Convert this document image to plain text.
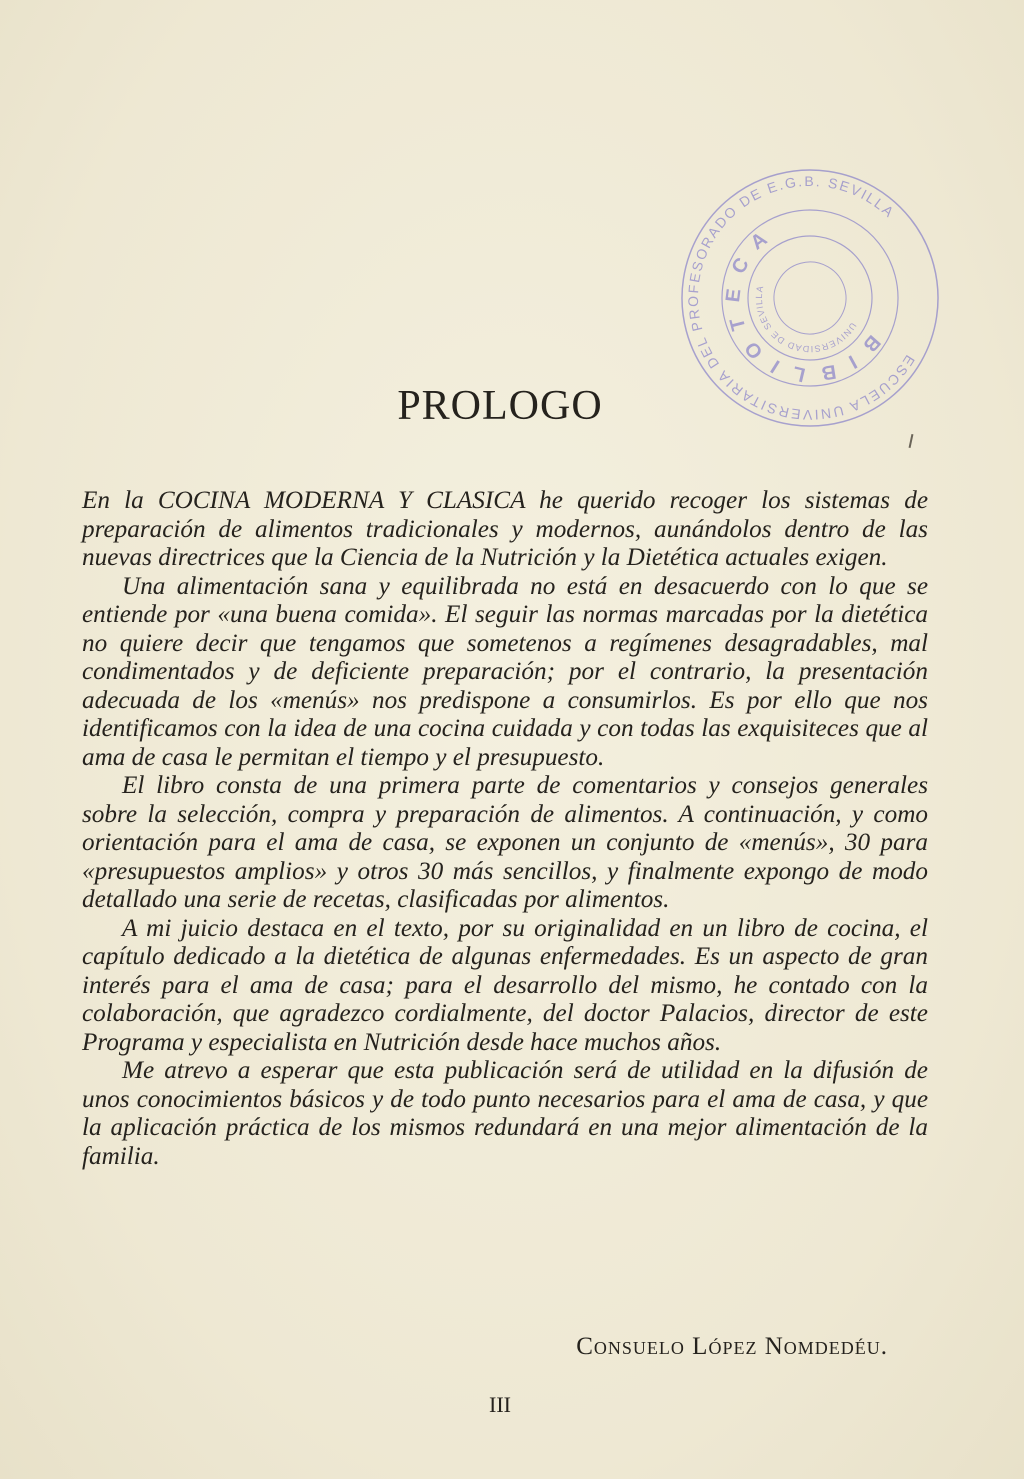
ESCUELA UNIVERSITARIA DEL PROFESORADO DE E.G.B. SEVILLA
BIBLIOTECA
UNIVERSIDAD DE SEVILLA
PROLOGO

En la COCINA MODERNA Y CLASICA he querido recoger los sistemas de preparación de alimentos tradicionales y modernos, aunándolos dentro de las nuevas directrices que la Ciencia de la Nutrición y la Dietética actuales exigen.

Una alimentación sana y equilibrada no está en desacuerdo con lo que se entiende por «una buena comida». El seguir las normas marcadas por la dietética no quiere decir que tengamos que sometenos a regímenes desagradables, mal condimentados y de deficiente preparación; por el contrario, la presentación adecuada de los «menús» nos predispone a consumirlos. Es por ello que nos identificamos con la idea de una cocina cuidada y con todas las exquisiteces que al ama de casa le permitan el tiempo y el presupuesto.

El libro consta de una primera parte de comentarios y consejos generales sobre la selección, compra y preparación de alimentos. A continuación, y como orientación para el ama de casa, se exponen un conjunto de «menús», 30 para «presupuestos amplios» y otros 30 más sencillos, y finalmente expongo de modo detallado una serie de recetas, clasificadas por alimentos.

A mi juicio destaca en el texto, por su originalidad en un libro de cocina, el capítulo dedicado a la dietética de algunas enfermedades. Es un aspecto de gran interés para el ama de casa; para el desarrollo del mismo, he contado con la colaboración, que agradezco cordialmente, del doctor Palacios, director de este Programa y especialista en Nutrición desde hace muchos años.

Me atrevo a esperar que esta publicación será de utilidad en la difusión de unos conocimientos básicos y de todo punto necesarios para el ama de casa, y que la aplicación práctica de los mismos redundará en una mejor alimentación de la familia.

Consuelo López Nomdedéu.
III
